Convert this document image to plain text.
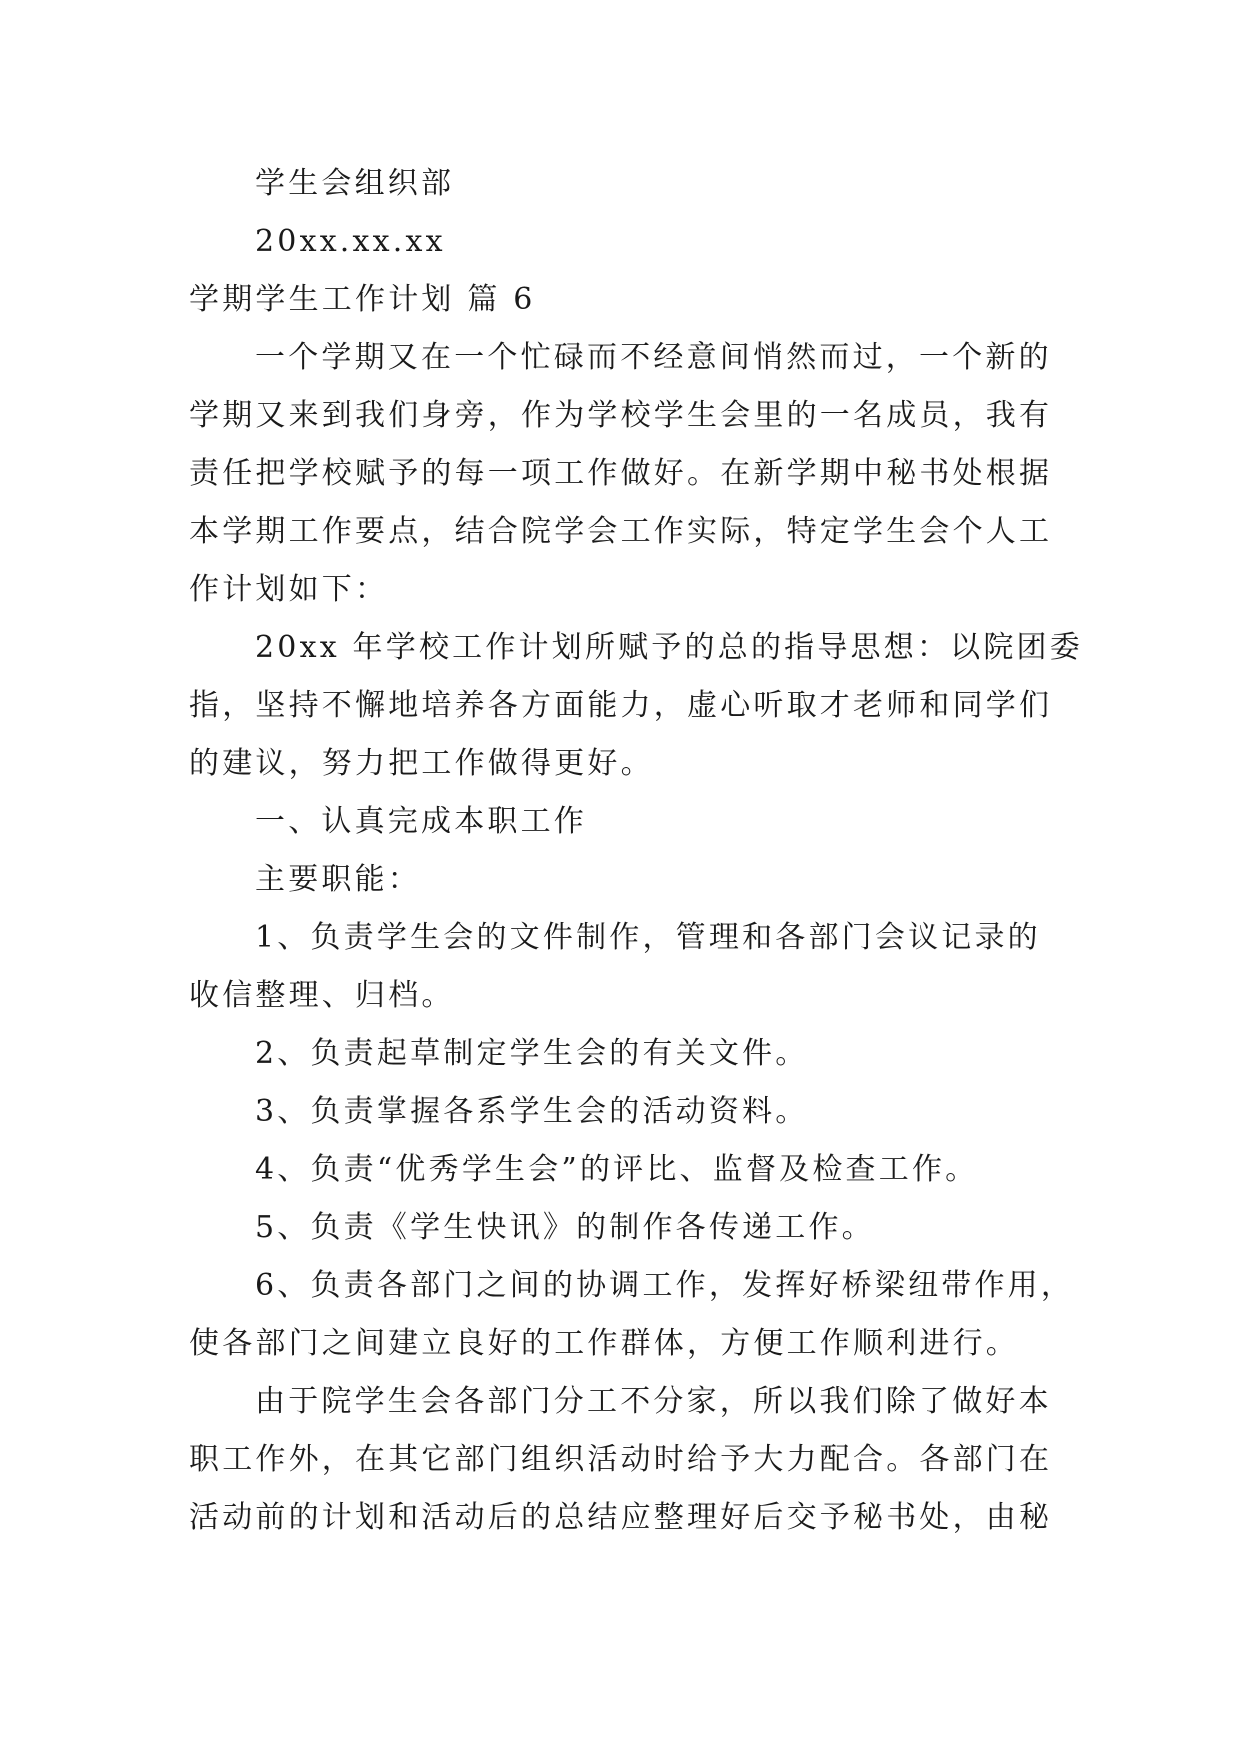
学生会组织部

20xx.xx.xx

学期学生工作计划 篇 6

一个学期又在一个忙碌而不经意间悄然而过，一个新的
学期又来到我们身旁，作为学校学生会里的一名成员，我有
责任把学校赋予的每一项工作做好。在新学期中秘书处根据
本学期工作要点，结合院学会工作实际，特定学生会个人工
作计划如下：
20xx 年学校工作计划所赋予的总的指导思想：以院团委
指，坚持不懈地培养各方面能力，虚心听取才老师和同学们
的建议，努力把工作做得更好。
一、认真完成本职工作
主要职能：
1、负责学生会的文件制作，管理和各部门会议记录的
收信整理、归档。
2、负责起草制定学生会的有关文件。
3、负责掌握各系学生会的活动资料。
4、负责“优秀学生会”的评比、监督及检查工作。
5、负责《学生快讯》的制作各传递工作。
6、负责各部门之间的协调工作，发挥好桥梁纽带作用，
使各部门之间建立良好的工作群体，方便工作顺利进行。
由于院学生会各部门分工不分家，所以我们除了做好本
职工作外，在其它部门组织活动时给予大力配合。各部门在
活动前的计划和活动后的总结应整理好后交予秘书处，由秘
